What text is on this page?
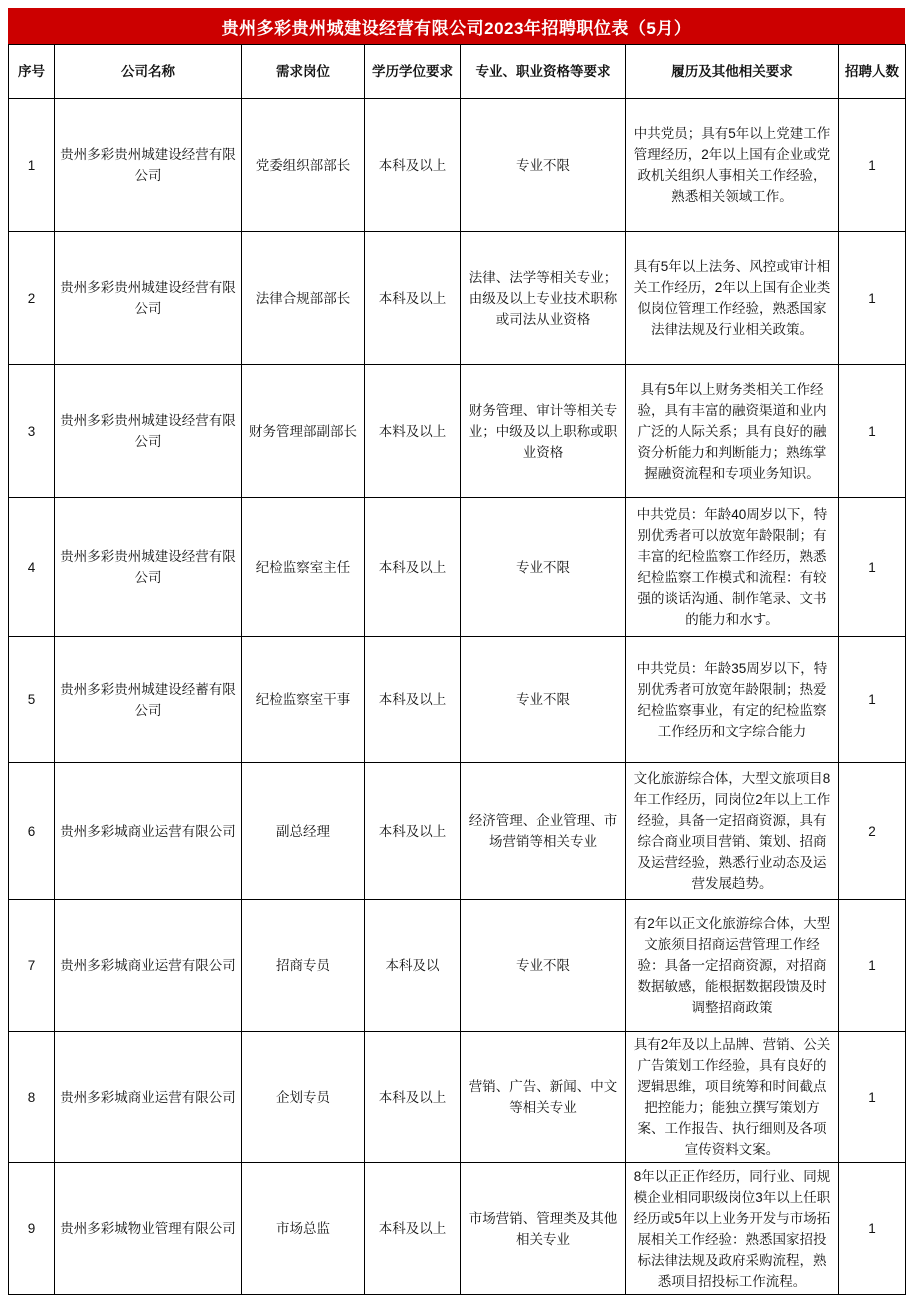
贵州多彩贵州城建设经营有限公司2023年招聘职位表（5月）
序号	公司名称	需求岗位	学历学位要求	专业、职业资格等要求	履历及其他相关要求	招聘人数
1	贵州多彩贵州城建设经营有限公司	党委组织部部长	本科及以上	专业不限	中共党员；具有5年以上党建工作管理经历，2年以上国有企业或党政机关组织人事相关工作经验，熟悉相关领域工作。	1
2	贵州多彩贵州城建设经营有限公司	法律合规部部长	本科及以上	法律、法学等相关专业；由级及以上专业技术职称或司法从业资格	具有5年以上法务、风控或审计相关工作经历，2年以上国有企业类似岗位管理工作经验，熟悉国家法律法规及行业相关政策。	1
3	贵州多彩贵州城建设经营有限公司	财务管理部副部长	本料及以上	财务管理、审计等相关专业；中级及以上职称或职业资格	具有5年以上财务类相关工作经验，具有丰富的融资渠道和业内广泛的人际关系；具有良好的融资分析能力和判断能力；熟练掌握融资流程和专项业务知识。	1
4	贵州多彩贵州城建设经营有限公司	纪检监察室主任	本科及以上	专业不限	中共党员：年龄40周岁以下，特别优秀者可以放宽年龄限制；有丰富的纪检监察工作经历，熟悉纪检监察工作模式和流程：有较强的谈话沟通、制作笔录、文书的能力和水す。	1
5	贵州多彩贵州城建设经蓄有限公司	纪检监察室干事	本科及以上	专业不限	中共党员：年龄35周岁以下，特别优秀者可放宽年龄限制；热爱纪检监察事业，有定的纪检监察工作经历和文字综合能力	1
6	贵州多彩城商业运营有限公司	副总经理	本科及以上	经济管理、企业管理、市场营销等相关专业	文化旅游综合体，大型文旅项目8年工作经历，同岗位2年以上工作经验，具备一定招商资源，具有综合商业项目营销、策划、招商及运营经验，熟悉行业动态及运营发展趋势。	2
7	贵州多彩城商业运营有限公司	招商专员	本科及以	专业不限	有2年以正文化旅游综合体，大型文旅须目招商运营管理工作经验：具备一定招商资源，对招商数据敏感，能根据数据段馈及时调整招商政策	1
8	贵州多彩城商业运营有限公司	企划专员	本科及以上	营销、广告、新闻、中文等相关专业	具有2年及以上品牌、营销、公关广告策划工作经验，具有良好的逻辑思维，项目统筹和时间截点把控能力；能独立撰写策划方案、工作报告、执行细则及各项宣传资料文案。	1
9	贵州多彩城物业管理有限公司	市场总监	本科及以上	市场营销、管理类及其他相关专业	8年以正正作经历，同行业、同规模企业相同职级岗位3年以上任职经历或5年以上业务开发与市场拓展相关工作经验：熟悉国家招投标法律法规及政府采购流程，熟悉项目招投标工作流程。	1
